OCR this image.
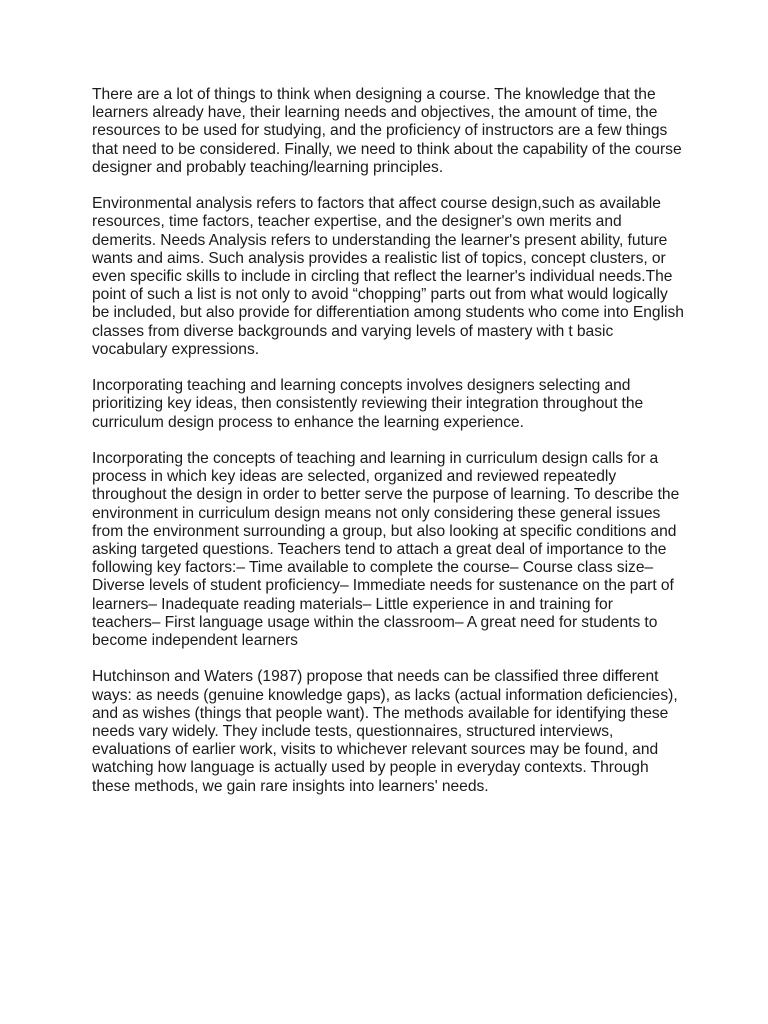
There are a lot of things to think when designing a course. The knowledge that the learners already have, their learning needs and objectives, the amount of time, the resources to be used for studying, and the proficiency of instructors are a few things that need to be considered. Finally, we need to think about the capability of the course designer and probably teaching/learning principles.

Environmental analysis refers to factors that affect course design,such as available resources, time factors, teacher expertise, and the designer's own merits and demerits. Needs Analysis refers to understanding the learner's present ability, future wants and aims. Such analysis provides a realistic list of topics, concept clusters, or even specific skills to include in circling that reflect the learner's individual needs.The point of such a list is not only to avoid “chopping” parts out from what would logically be included, but also provide for differentiation among students who come into English classes from diverse backgrounds and varying levels of mastery with t basic vocabulary expressions.

Incorporating teaching and learning concepts involves designers selecting and prioritizing key ideas, then consistently reviewing their integration throughout the curriculum design process to enhance the learning experience.

Incorporating the concepts of teaching and learning in curriculum design calls for a process in which key ideas are selected, organized and reviewed repeatedly throughout the design in order to better serve the purpose of learning. To describe the environment in curriculum design means not only considering these general issues from the environment surrounding a group, but also looking at specific conditions and asking targeted questions. Teachers tend to attach a great deal of importance to the following key factors:– Time available to complete the course– Course class size– Diverse levels of student proficiency– Immediate needs for sustenance on the part of learners– Inadequate reading materials– Little experience in and training for teachers– First language usage within the classroom– A great need for students to become independent learners

Hutchinson and Waters (1987) propose that needs can be classified three different ways: as needs (genuine knowledge gaps), as lacks (actual information deficiencies), and as wishes (things that people want). The methods available for identifying these needs vary widely. They include tests, questionnaires, structured interviews, evaluations of earlier work, visits to whichever relevant sources may be found, and watching how language is actually used by people in everyday contexts. Through these methods, we gain rare insights into learners' needs.
